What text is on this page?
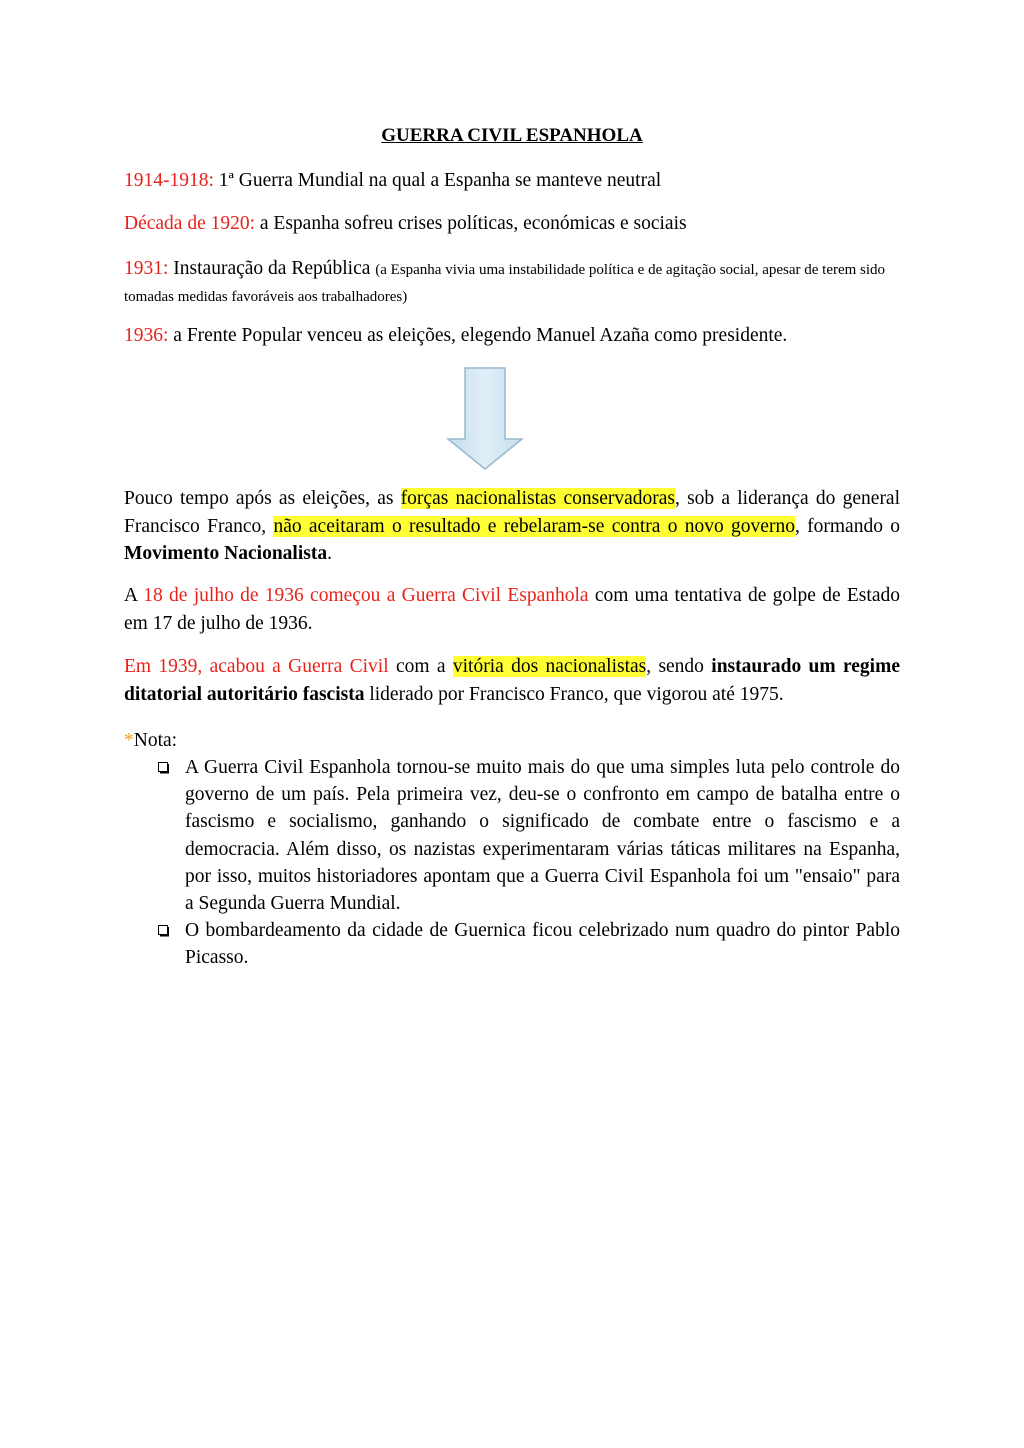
GUERRA CIVIL ESPANHOLA
1914-1918: 1ª Guerra Mundial na qual a Espanha se manteve neutral
Década de 1920: a Espanha sofreu crises políticas, económicas e sociais
1931: Instauração da República (a Espanha vivia uma instabilidade política e de agitação social, apesar de terem sido tomadas medidas favoráveis aos trabalhadores)
1936: a Frente Popular venceu as eleições, elegendo Manuel Azaña como presidente.
Pouco tempo após as eleições, as forças nacionalistas conservadoras, sob a liderança do general Francisco Franco, não aceitaram o resultado e rebelaram-se contra o novo governo, formando o Movimento Nacionalista.
A 18 de julho de 1936 começou a Guerra Civil Espanhola com uma tentativa de golpe de Estado em 17 de julho de 1936.
Em 1939, acabou a Guerra Civil com a vitória dos nacionalistas, sendo instaurado um regime ditatorial autoritário fascista liderado por Francisco Franco, que vigorou até 1975.
*Nota:
A Guerra Civil Espanhola tornou-se muito mais do que uma simples luta pelo controle do governo de um país. Pela primeira vez, deu-se o confronto em campo de batalha entre o fascismo e socialismo, ganhando o significado de combate entre o fascismo e a democracia. Além disso, os nazistas experimentaram várias táticas militares na Espanha, por isso, muitos historiadores apontam que a Guerra Civil Espanhola foi um "ensaio" para a Segunda Guerra Mundial.
O bombardeamento da cidade de Guernica ficou celebrizado num quadro do pintor Pablo Picasso.
